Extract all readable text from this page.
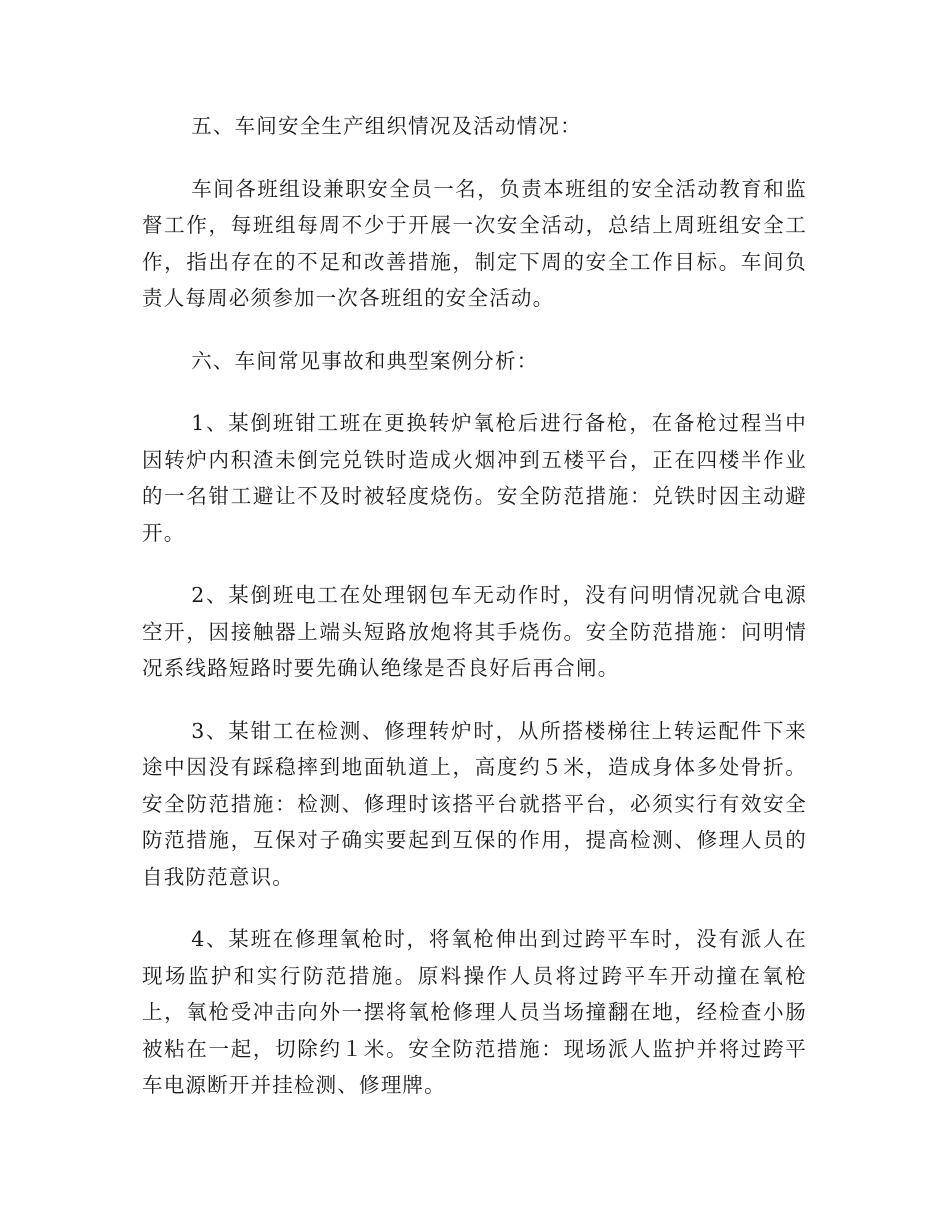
五、车间安全生产组织情况及活动情况：

车间各班组设兼职安全员一名，负责本班组的安全活动教育和监督工作，每班组每周不少于开展一次安全活动，总结上周班组安全工作，指出存在的不足和改善措施，制定下周的安全工作目标。车间负责人每周必须参加一次各班组的安全活动。

六、车间常见事故和典型案例分析：

1、某倒班钳工班在更换转炉氧枪后进行备枪，在备枪过程当中因转炉内积渣未倒完兑铁时造成火烟冲到五楼平台，正在四楼半作业的一名钳工避让不及时被轻度烧伤。安全防范措施：兑铁时因主动避开。

2、某倒班电工在处理钢包车无动作时，没有问明情况就合电源空开，因接触器上端头短路放炮将其手烧伤。安全防范措施：问明情况系线路短路时要先确认绝缘是否良好后再合闸。

3、某钳工在检测、修理转炉时，从所搭楼梯往上转运配件下来途中因没有踩稳摔到地面轨道上，高度约５米，造成身体多处骨折。安全防范措施：检测、修理时该搭平台就搭平台，必须实行有效安全防范措施，互保对子确实要起到互保的作用，提高检测、修理人员的自我防范意识。

4、某班在修理氧枪时，将氧枪伸出到过跨平车时，没有派人在现场监护和实行防范措施。原料操作人员将过跨平车开动撞在氧枪上，氧枪受冲击向外一摆将氧枪修理人员当场撞翻在地，经检查小肠被粘在一起，切除约１米。安全防范措施：现场派人监护并将过跨平车电源断开并挂检测、修理牌。
